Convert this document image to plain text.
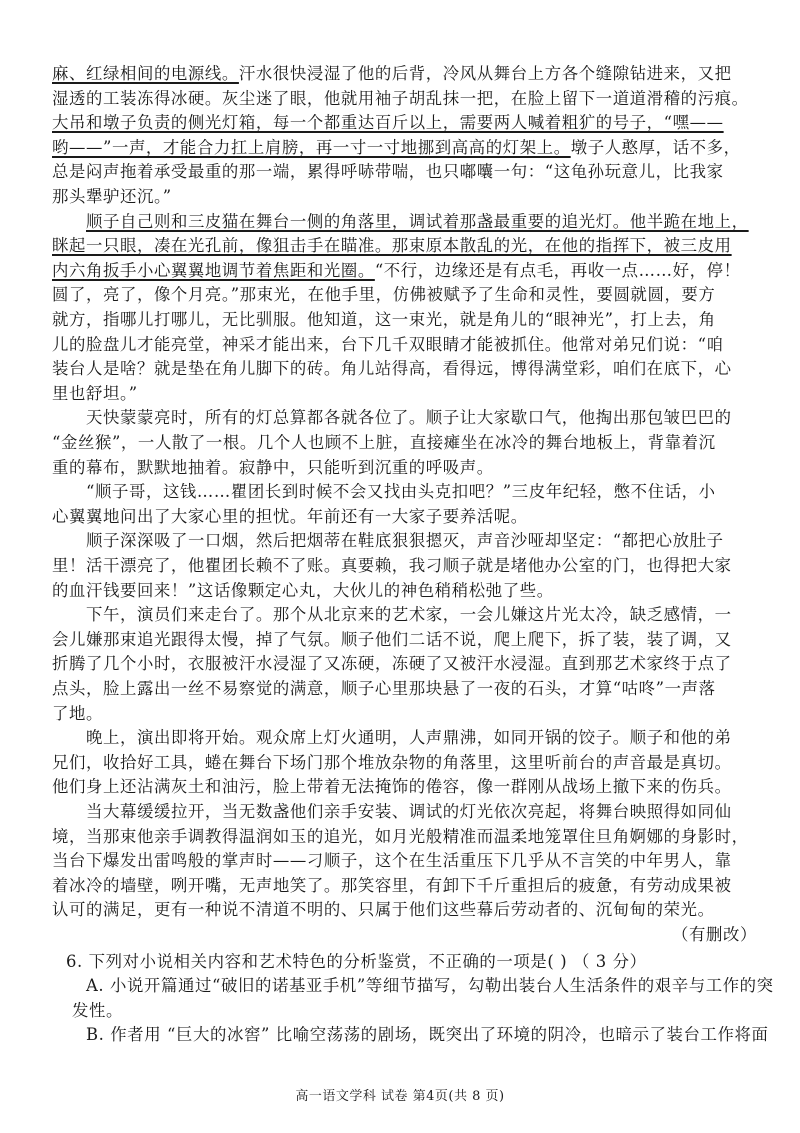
麻、红绿相间的电源线。汗水很快浸湿了他的后背，冷风从舞台上方各个缝隙钻进来，又把
湿透的工装冻得冰硬。灰尘迷了眼，他就用袖子胡乱抹一把，在脸上留下一道道滑稽的污痕。
大吊和墩子负责的侧光灯箱，每一个都重达百斤以上，需要两人喊着粗犷的号子，“嘿——
哟——”一声，才能合力扛上肩膀，再一寸一寸地挪到高高的灯架上。墩子人憨厚，话不多，
总是闷声拖着承受最重的那一端，累得呼哧带喘，也只嘟囔一句：“这龟孙玩意儿，比我家
那头犟驴还沉。”
顺子自己则和三皮猫在舞台一侧的角落里，调试着那盏最重要的追光灯。他半跪在地上，
眯起一只眼，凑在光孔前，像狙击手在瞄准。那束原本散乱的光，在他的指挥下，被三皮用
内六角扳手小心翼翼地调节着焦距和光圈。“不行，边缘还是有点毛，再收一点……好，停！
圆了，亮了，像个月亮。”那束光，在他手里，仿佛被赋予了生命和灵性，要圆就圆，要方
就方，指哪儿打哪儿，无比驯服。他知道，这一束光，就是角儿的“眼神光”，打上去，角
儿的脸盘儿才能亮堂，神采才能出来，台下几千双眼睛才能被抓住。他常对弟兄们说：“咱
装台人是啥？就是垫在角儿脚下的砖。角儿站得高，看得远，博得满堂彩，咱们在底下，心
里也舒坦。”
天快蒙蒙亮时，所有的灯总算都各就各位了。顺子让大家歇口气，他掏出那包皱巴巴的
“金丝猴”，一人散了一根。几个人也顾不上脏，直接瘫坐在冰冷的舞台地板上，背靠着沉
重的幕布，默默地抽着。寂静中，只能听到沉重的呼吸声。
“顺子哥，这钱……瞿团长到时候不会又找由头克扣吧？”三皮年纪轻，憋不住话，小
心翼翼地问出了大家心里的担忧。年前还有一大家子要养活呢。
顺子深深吸了一口烟，然后把烟蒂在鞋底狠狠摁灭，声音沙哑却坚定：“都把心放肚子
里！活干漂亮了，他瞿团长赖不了账。真要赖，我刁顺子就是堵他办公室的门，也得把大家
的血汗钱要回来！”这话像颗定心丸，大伙儿的神色稍稍松弛了些。
下午，演员们来走台了。那个从北京来的艺术家，一会儿嫌这片光太冷，缺乏感情，一
会儿嫌那束追光跟得太慢，掉了气氛。顺子他们二话不说，爬上爬下，拆了装，装了调，又
折腾了几个小时，衣服被汗水浸湿了又冻硬，冻硬了又被汗水浸湿。直到那艺术家终于点了
点头，脸上露出一丝不易察觉的满意，顺子心里那块悬了一夜的石头，才算“咕咚”一声落
了地。
晚上，演出即将开始。观众席上灯火通明，人声鼎沸，如同开锅的饺子。顺子和他的弟
兄们，收拾好工具，蜷在舞台下场门那个堆放杂物的角落里，这里听前台的声音最是真切。
他们身上还沾满灰土和油污，脸上带着无法掩饰的倦容，像一群刚从战场上撤下来的伤兵。
当大幕缓缓拉开，当无数盏他们亲手安装、调试的灯光依次亮起，将舞台映照得如同仙
境，当那束他亲手调教得温润如玉的追光，如月光般精准而温柔地笼罩住旦角婀娜的身影时，
当台下爆发出雷鸣般的掌声时——刁顺子，这个在生活重压下几乎从不言笑的中年男人，靠
着冰冷的墙壁，咧开嘴，无声地笑了。那笑容里，有卸下千斤重担后的疲惫，有劳动成果被
认可的满足，更有一种说不清道不明的、只属于他们这些幕后劳动者的、沉甸甸的荣光。
（有删改）
6. 下列对小说相关内容和艺术特色的分析鉴赏，不正确的一项是( ) （ 3 分）
A. 小说开篇通过“破旧的诺基亚手机”等细节描写，勾勒出装台人生活条件的艰辛与工作的突
发性。
B. 作者用 “巨大的冰窖” 比喻空荡荡的剧场，既突出了环境的阴冷，也暗示了装台工作将面
高一语文学科 试卷 第4页(共 8 页)
